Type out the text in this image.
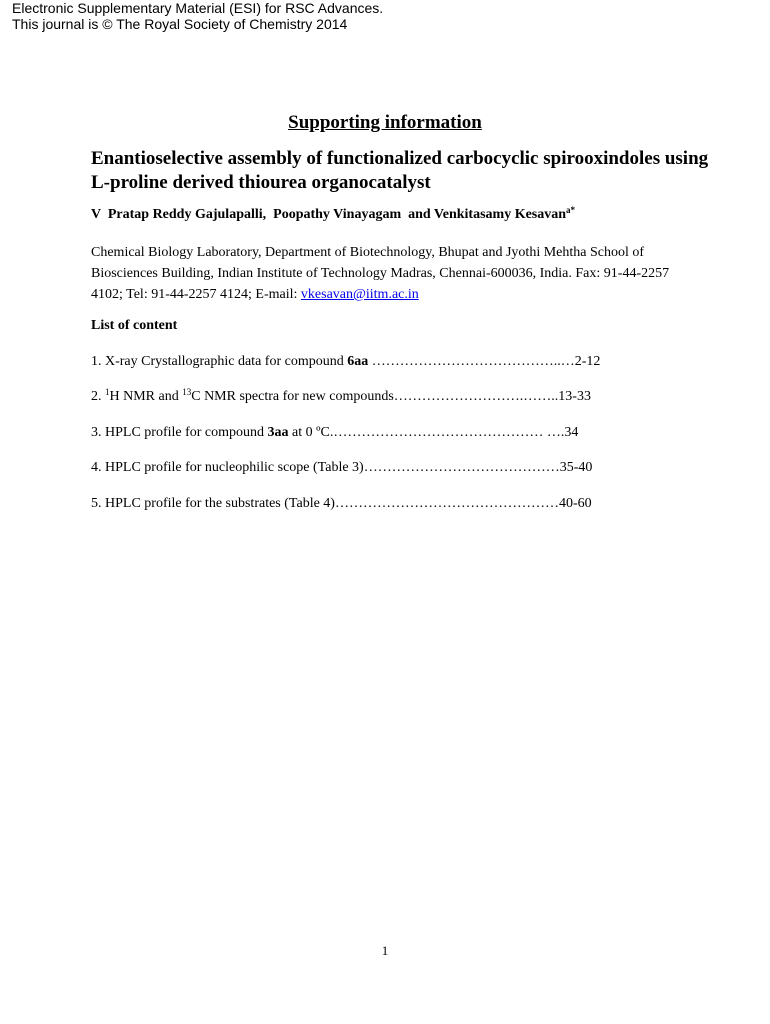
Electronic Supplementary Material (ESI) for RSC Advances.
This journal is © The Royal Society of Chemistry 2014
Supporting information
Enantioselective assembly of functionalized carbocyclic spirooxindoles using L-proline derived thiourea organocatalyst
V  Pratap Reddy Gajulapalli,  Poopathy Vinayagam  and Venkitasamy Kesavan$^{a*}$
Chemical Biology Laboratory, Department of Biotechnology, Bhupat and Jyothi Mehtha School of Biosciences Building, Indian Institute of Technology Madras, Chennai-600036, India. Fax: 91-44-2257 4102; Tel: 91-44-2257 4124; E-mail: vkesavan@iitm.ac.in
List of content
1. X-ray Crystallographic data for compound 6aa …………………………………..…2-12
2. $^1$H NMR and $^{13}$C NMR spectra for new compounds……………………….……..13-33
3. HPLC profile for compound 3aa at 0 ºC.……………………………………… ….34
4. HPLC profile for nucleophilic scope (Table 3)……………………………………35-40
5. HPLC profile for the substrates (Table 4)…………………………………………40-60
1
